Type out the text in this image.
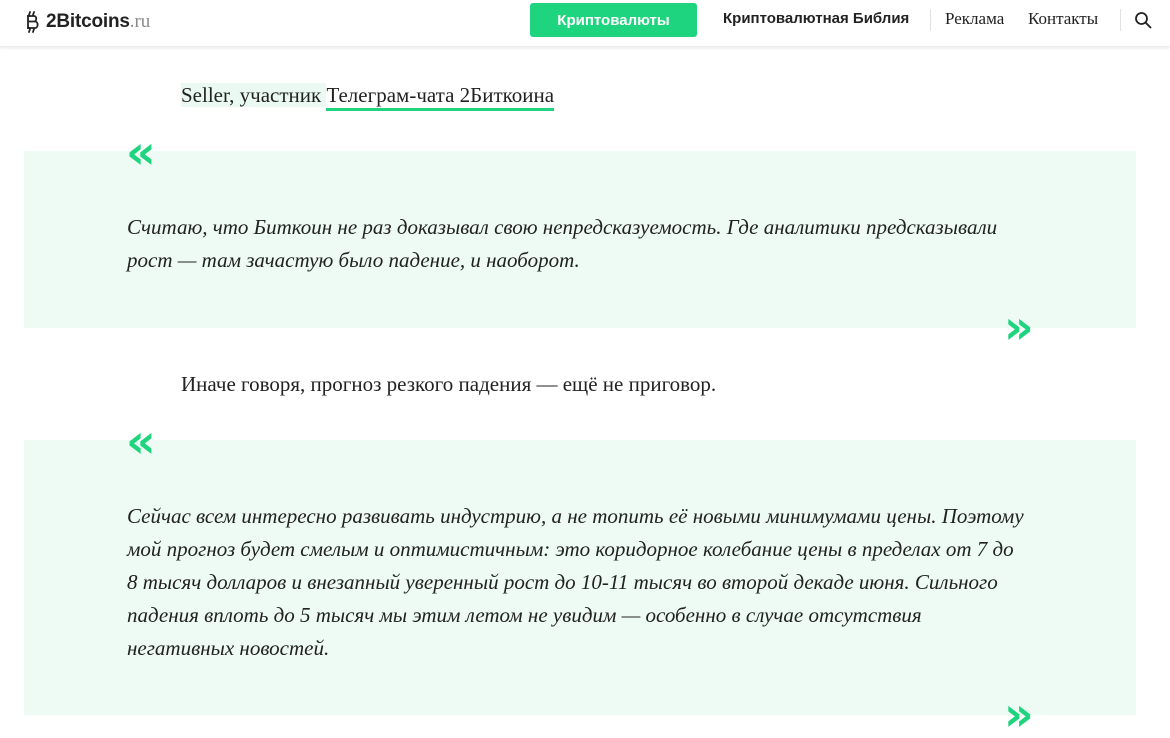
2Bitcoins .ru	Криптовалюты	Криптовалютная Библия Реклама Контакты
Seller, участник Телеграм-чата 2Биткоина
«
Считаю, что Биткоин не раз доказывал свою непредсказуемость. Где аналитики предсказывали рост — там зачастую было падение, и наоборот.
»
Иначе говоря, прогноз резкого падения — ещё не приговор.
«
Сейчас всем интересно развивать индустрию, а не топить её новыми минимумами цены. Поэтому мой прогноз будет смелым и оптимистичным: это коридорное колебание цены в пределах от 7 до 8 тысяч долларов и внезапный уверенный рост до 10-11 тысяч во второй декаде июня. Сильного падения вплоть до 5 тысяч мы этим летом не увидим — особенно в случае отсутствия негативных новостей.
»
